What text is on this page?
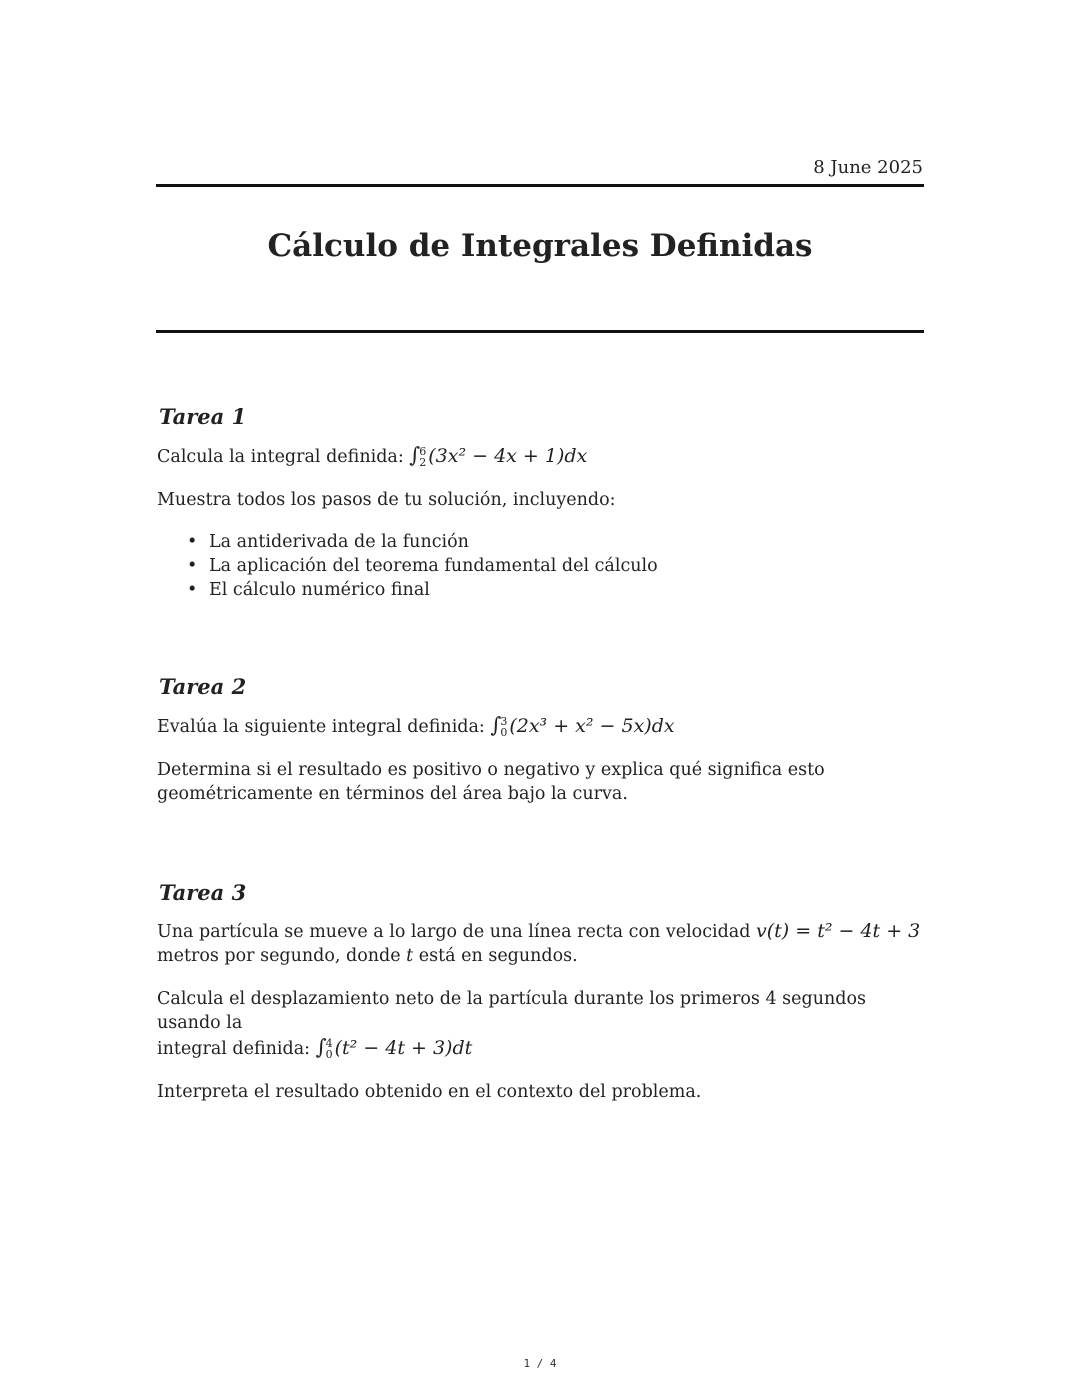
8 June 2025
Cálculo de Integrales Definidas
Tarea 1

Calcula la integral definida: ∫ 6
2 (3x² − 4x + 1)dx

Muestra todos los pasos de tu solución, incluyendo:

• La antiderivada de la función
• La aplicación del teorema fundamental del cálculo
• El cálculo numérico final
Tarea 2

Evalúa la siguiente integral definida: ∫ 3
0 (2x³ + x² − 5x)dx

Determina si el resultado es positivo o negativo y explica qué significa esto
geométricamente en términos del área bajo la curva.

Tarea 3

Una partícula se mueve a lo largo de una línea recta con velocidad v(t) = t² − 4t + 3
metros por segundo, donde t está en segundos.

Calcula el desplazamiento neto de la partícula durante los primeros 4 segundos usando la
integral definida: ∫ 4
0 (t² − 4t + 3)dt

Interpreta el resultado obtenido en el contexto del problema.

1 / 4
